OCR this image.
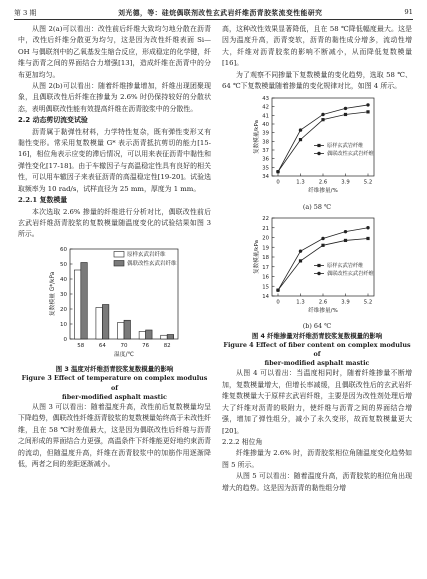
第 3 期	刘光德，等：硅烷偶联剂改性玄武岩纤维沥青胶浆流变性能研究	91

从图 2(a)可以看出：改性前后纤维大致均匀地分散在沥青中，改性后纤维分散更为均匀，这是因为改性纤维表面 Si—OH 与偶联剂中的乙氧基发生缩合反应，形成稳定的化学键，纤维与沥青之间的界面结合力增强[13]，造成纤维在沥青中的分布更加均匀。

从图 2(b)可以看出：随着纤维掺量增加，纤维出现团聚现象，且偶联改性后纤维在掺量为 2.6% 时仍保持较好的分散状态，表明偶联改性能有效提高纤维在沥青胶浆中的分散性。

2.2 动态剪切流变试验

沥青属于黏弹性材料，力学特性复杂，既有弹性变形又有黏性变形。常采用复数模量 G* 表示沥青抵抗剪切的能力[15-16]，相位角表示应变的滞后情况，可以用来表征沥青中黏性和弹性变化[17-18]。由于车辙因子与高温稳定性具有良好的相关性，可以用车辙因子来表征沥青的高温稳定性[19-20]。试验选取频率为 10 rad/s，试样直径为 25 mm，厚度为 1 mm。

2.2.1 复数模量

本次选取 2.6% 掺量的纤维进行分析对比，偶联改性前后玄武岩纤维沥青胶浆的复数模量随温度变化的试验结果如图 3 所示。

0
10
20
30
40
50
60
58	64	70	76	82
温度/℃
复数模量 G*/kPa
原样玄武岩纤维
偶联改性玄武岩纤维
图 3 温度对纤维沥青胶浆复数模量的影响
Figure 3 Effect of temperature on complex modulus of
fiber-modified asphalt mastic

从图 3 可以看出：随着温度升高，改性前后复数模量均呈下降趋势，偶联改性纤维沥青胶浆的复数模量始终高于未改性纤维，且在 58 ℃时差值最大，这是因为偶联改性后纤维与沥青之间形成的界面结合力更强，高温条件下纤维能更好地约束沥青的流动，但随温度升高，纤维在沥青胶浆中的加筋作用逐渐降低，两者之间的差距逐渐减小。

高，这种改性效果显著降低，且在 58 ℃降低幅度最大。这是因为温度升高，沥青变软，沥青的黏性成分增多，流动性增大，纤维对沥青胶浆的影响不断减小，从而降低复数模量[16]。

为了观察不同掺量下复数模量的变化趋势，选取 58 ℃、64 ℃下复数模量随着掺量的变化规律对比，如图 4 所示。

34
35
36
37
38
39
40
41
42
43
0	1.3	2.6	3.9	5.2
纤维掺量/%
复数模量/kPa	原样玄武岩纤维
偶联改性玄武岩纤维
(a) 58 ℃
14
15
16
17
18
19
20
21
22
0	1.3	2.6	3.9	5.2
纤维掺量/%
复数模量/kPa	原样玄武岩纤维
偶联改性玄武岩纤维
(b) 64 ℃
图 4 纤维掺量对纤维沥青胶浆复数模量的影响
Figure 4 Effect of fiber content on complex modulus of
fiber-modified asphalt mastic

从图 4 可以看出：当温度相同时，随着纤维掺量不断增加，复数模量增大，但增长率减缓，且偶联改性后的玄武岩纤维复数模量大于原样玄武岩纤维，主要是因为改性剂处理后增大了纤维对沥青的吸附力，使纤维与沥青之间的界面结合增强，增加了弹性组分，减小了永久变形，故而复数模量更大[20]。

2.2.2 相位角

纤维掺量为 2.6% 时，沥青胶浆相位角随温度变化趋势如图 5 所示。

从图 5 可以看出：随着温度升高，沥青胶浆的相位角出现增大的趋势。这是因为沥青的黏性组分增
